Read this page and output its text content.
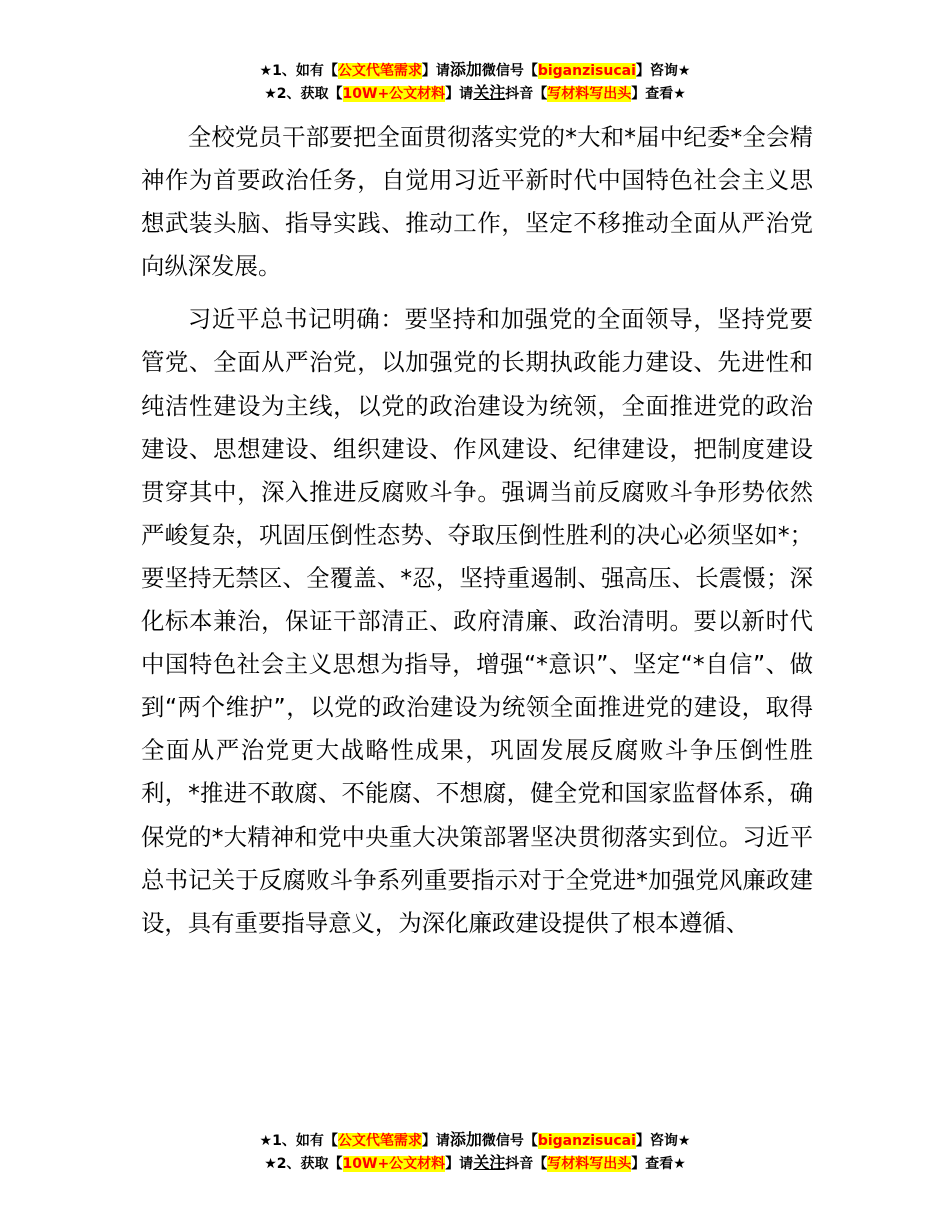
★1、如有【公文代笔需求】请添加微信号【biganzisucai】咨询★
★2、获取【10W+公文材料】请关注抖音【写材料写出头】查看★

全校党员干部要把全面贯彻落实党的*大和*届中纪委*全会精神作为首要政治任务，自觉用习近平新时代中国特色社会主义思想武装头脑、指导实践、推动工作，坚定不移推动全面从严治党向纵深发展。

习近平总书记明确：要坚持和加强党的全面领导，坚持党要管党、全面从严治党，以加强党的长期执政能力建设、先进性和纯洁性建设为主线，以党的政治建设为统领，全面推进党的政治建设、思想建设、组织建设、作风建设、纪律建设，把制度建设贯穿其中，深入推进反腐败斗争。强调当前反腐败斗争形势依然严峻复杂，巩固压倒性态势、夺取压倒性胜利的决心必须坚如*；要坚持无禁区、全覆盖、*忍，坚持重遏制、强高压、长震慑；深化标本兼治，保证干部清正、政府清廉、政治清明。要以新时代中国特色社会主义思想为指导，增强“*意识”、坚定“*自信”、做到“两个维护”，以党的政治建设为统领全面推进党的建设，取得全面从严治党更大战略性成果，巩固发展反腐败斗争压倒性胜利，*推进不敢腐、不能腐、不想腐，健全党和国家监督体系，确保党的*大精神和党中央重大决策部署坚决贯彻落实到位。习近平总书记关于反腐败斗争系列重要指示对于全党进*加强党风廉政建设，具有重要指导意义，为深化廉政建设提供了根本遵循、

★1、如有【公文代笔需求】请添加微信号【biganzisucai】咨询★
★2、获取【10W+公文材料】请关注抖音【写材料写出头】查看★
